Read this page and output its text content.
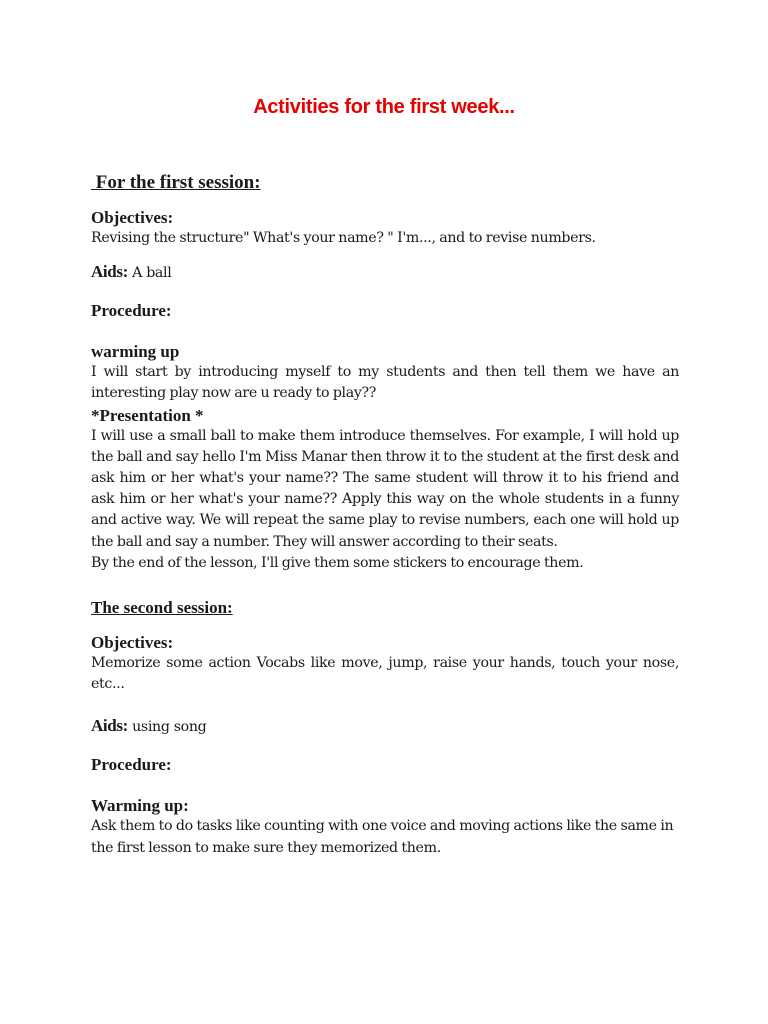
Activities for the first week...
For the first session:
Objectives:

Revising the structure" What's your name? " I'm..., and to revise numbers.

Aids: A ball

Procedure:
warming up

I will start by introducing myself to my students and then tell them we have an interesting play now are u ready to play??

*Presentation *

I will use a small ball to make them introduce themselves. For example, I will hold up the ball and say hello I'm Miss Manar then throw it to the student at the first desk and ask him or her what's your name?? The same student will throw it to his friend and ask him or her what's your name?? Apply this way on the whole students in a funny and active way. We will repeat the same play to revise numbers, each one will hold up the ball and say a number. They will answer according to their seats.

By the end of the lesson, I'll give them some stickers to encourage them.

The second session:
Objectives:

Memorize some action Vocabs like move, jump, raise your hands, touch your nose, etc...

Aids: using song

Procedure:
Warming up:

Ask them to do tasks like counting with one voice and moving actions like the same in the first lesson to make sure they memorized them.
